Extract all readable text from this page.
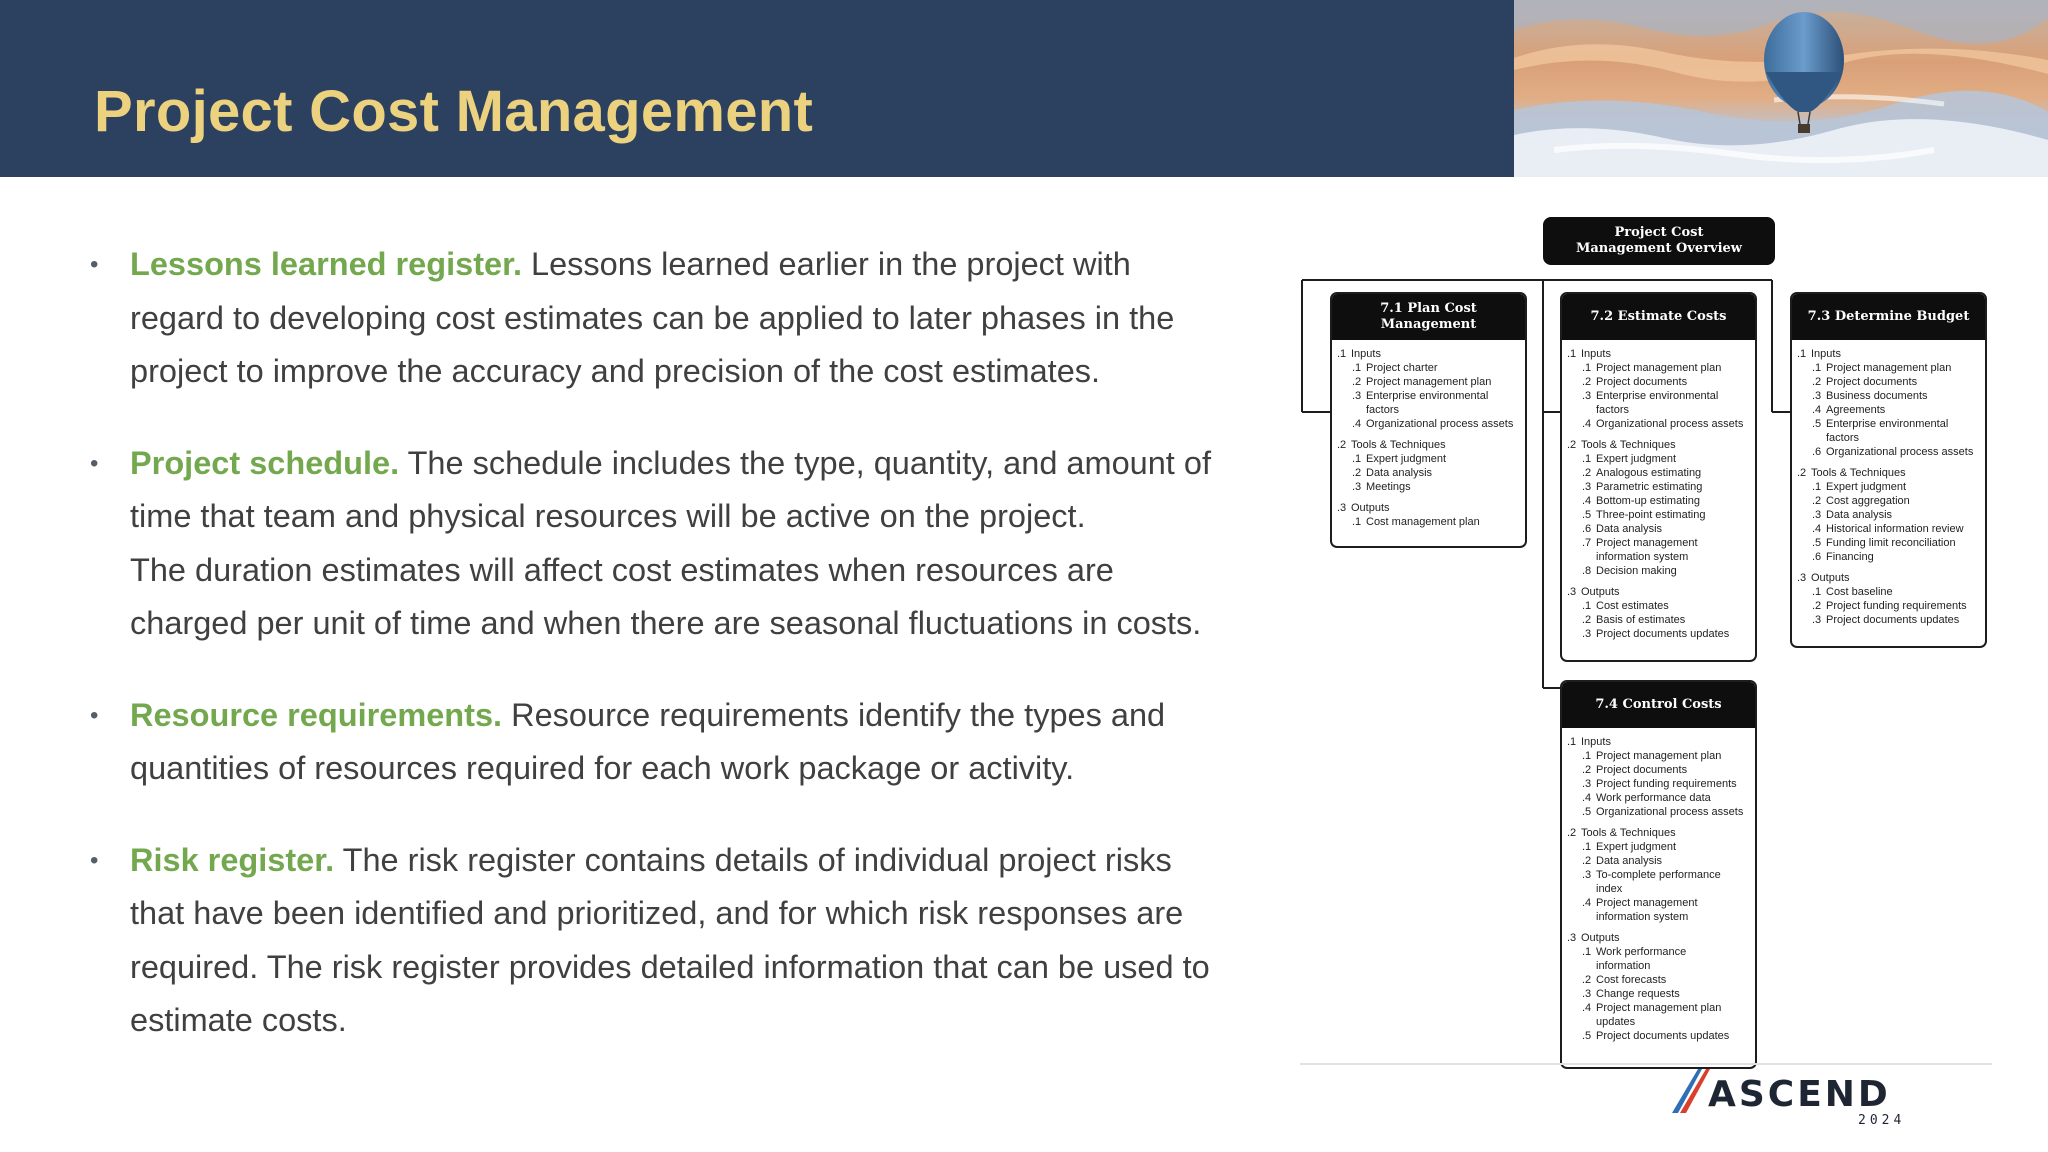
Project Cost Management
• Lessons learned register. Lessons learned earlier in the project with
regard to developing cost estimates can be applied to later phases in the
project to improve the accuracy and precision of the cost estimates.
• Project schedule. The schedule includes the type, quantity, and amount of
time that team and physical resources will be active on the project.
The duration estimates will affect cost estimates when resources are
charged per unit of time and when there are seasonal fluctuations in costs.
• Resource requirements. Resource requirements identify the types and
quantities of resources required for each work package or activity.
• Risk register. The risk register contains details of individual project risks
that have been identified and prioritized, and for which risk responses are
required. The risk register provides detailed information that can be used to
estimate costs.
Project Cost
Management Overview
7.1 Plan Cost
Management
.1 Inputs
.1 Project charter
.2 Project management plan
.3 Enterprise environmental
factors
.4 Organizational process assets
.2 Tools & Techniques
.1 Expert judgment
.2 Data analysis
.3 Meetings
.3 Outputs
.1 Cost management plan
7.2 Estimate Costs
.1 Inputs
.1 Project management plan
.2 Project documents
.3 Enterprise environmental
factors
.4 Organizational process assets
.2 Tools & Techniques
.1 Expert judgment
.2 Analogous estimating
.3 Parametric estimating
.4 Bottom-up estimating
.5 Three-point estimating
.6 Data analysis
.7 Project management
information system
.8 Decision making
.3 Outputs
.1 Cost estimates
.2 Basis of estimates
.3 Project documents updates
7.3 Determine Budget
.1 Inputs
.1 Project management plan
.2 Project documents
.3 Business documents
.4 Agreements
.5 Enterprise environmental
factors
.6 Organizational process assets
.2 Tools & Techniques
.1 Expert judgment
.2 Cost aggregation
.3 Data analysis
.4 Historical information review
.5 Funding limit reconciliation
.6 Financing
.3 Outputs
.1 Cost baseline
.2 Project funding requirements
.3 Project documents updates
7.4 Control Costs
.1 Inputs
.1 Project management plan
.2 Project documents
.3 Project funding requirements
.4 Work performance data
.5 Organizational process assets
.2 Tools & Techniques
.1 Expert judgment
.2 Data analysis
.3 To-complete performance
index
.4 Project management
information system
.3 Outputs
.1 Work performance
information
.2 Cost forecasts
.3 Change requests
.4 Project management plan
updates
.5 Project documents updates
ASCEND
2024
